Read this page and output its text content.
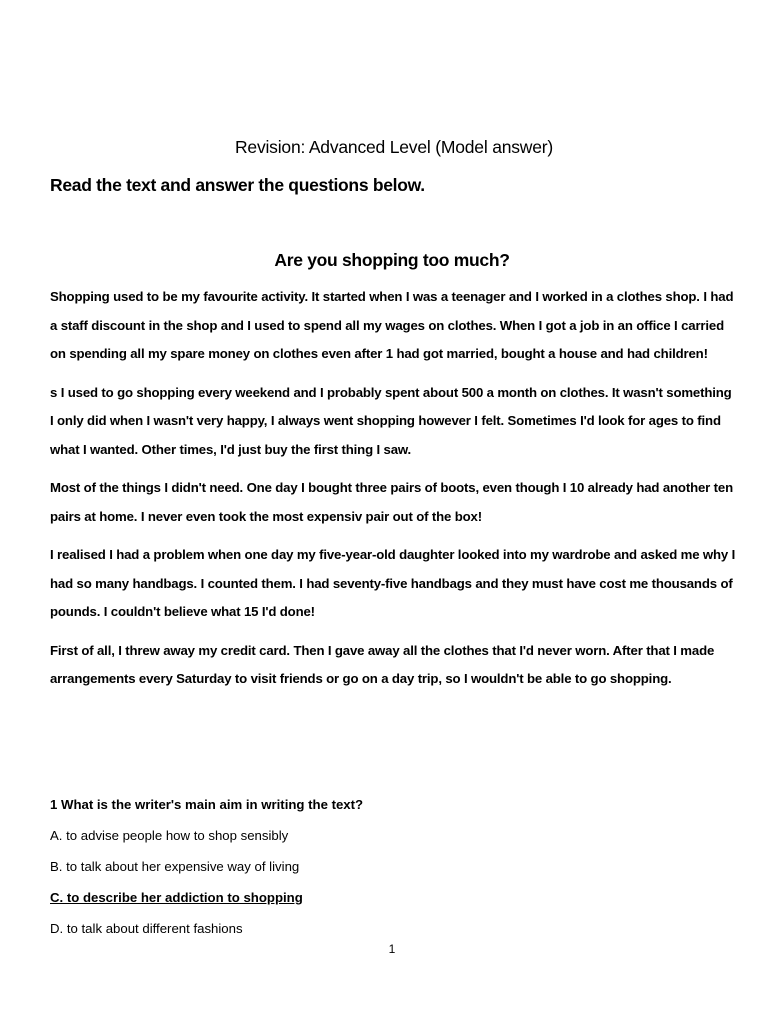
Revision: Advanced Level (Model answer)

Read the text and answer the questions below.

Are you shopping too much?

Shopping used to be my favourite activity. It started when I was a teenager and I worked in a clothes shop. I had a staff discount in the shop and I used to spend all my wages on clothes. When I got a job in an office I carried on spending all my spare money on clothes even after 1 had got married, bought a house and had children!

s I used to go shopping every weekend and I probably spent about 500 a month on clothes. It wasn't something I only did when I wasn't very happy, I always went shopping however I felt. Sometimes I'd look for ages to find what I wanted. Other times, I'd just buy the first thing I saw.

Most of the things I didn't need. One day I bought three pairs of boots, even though I 10 already had another ten pairs at home. I never even took the most expensiv pair out of the box!

I realised I had a problem when one day my five-year-old daughter looked into my wardrobe and asked me why I had so many handbags. I counted them. I had seventy-five handbags and they must have cost me thousands of pounds. I couldn't believe what 15 I'd done!

First of all, I threw away my credit card. Then I gave away all the clothes that I'd never worn. After that I made arrangements every Saturday to visit friends or go on a day trip, so I wouldn't be able to go shopping.

1 What is the writer's main aim in writing the text?

A. to advise people how to shop sensibly

B. to talk about her expensive way of living

C. to describe her addiction to shopping

D. to talk about different fashions

1
